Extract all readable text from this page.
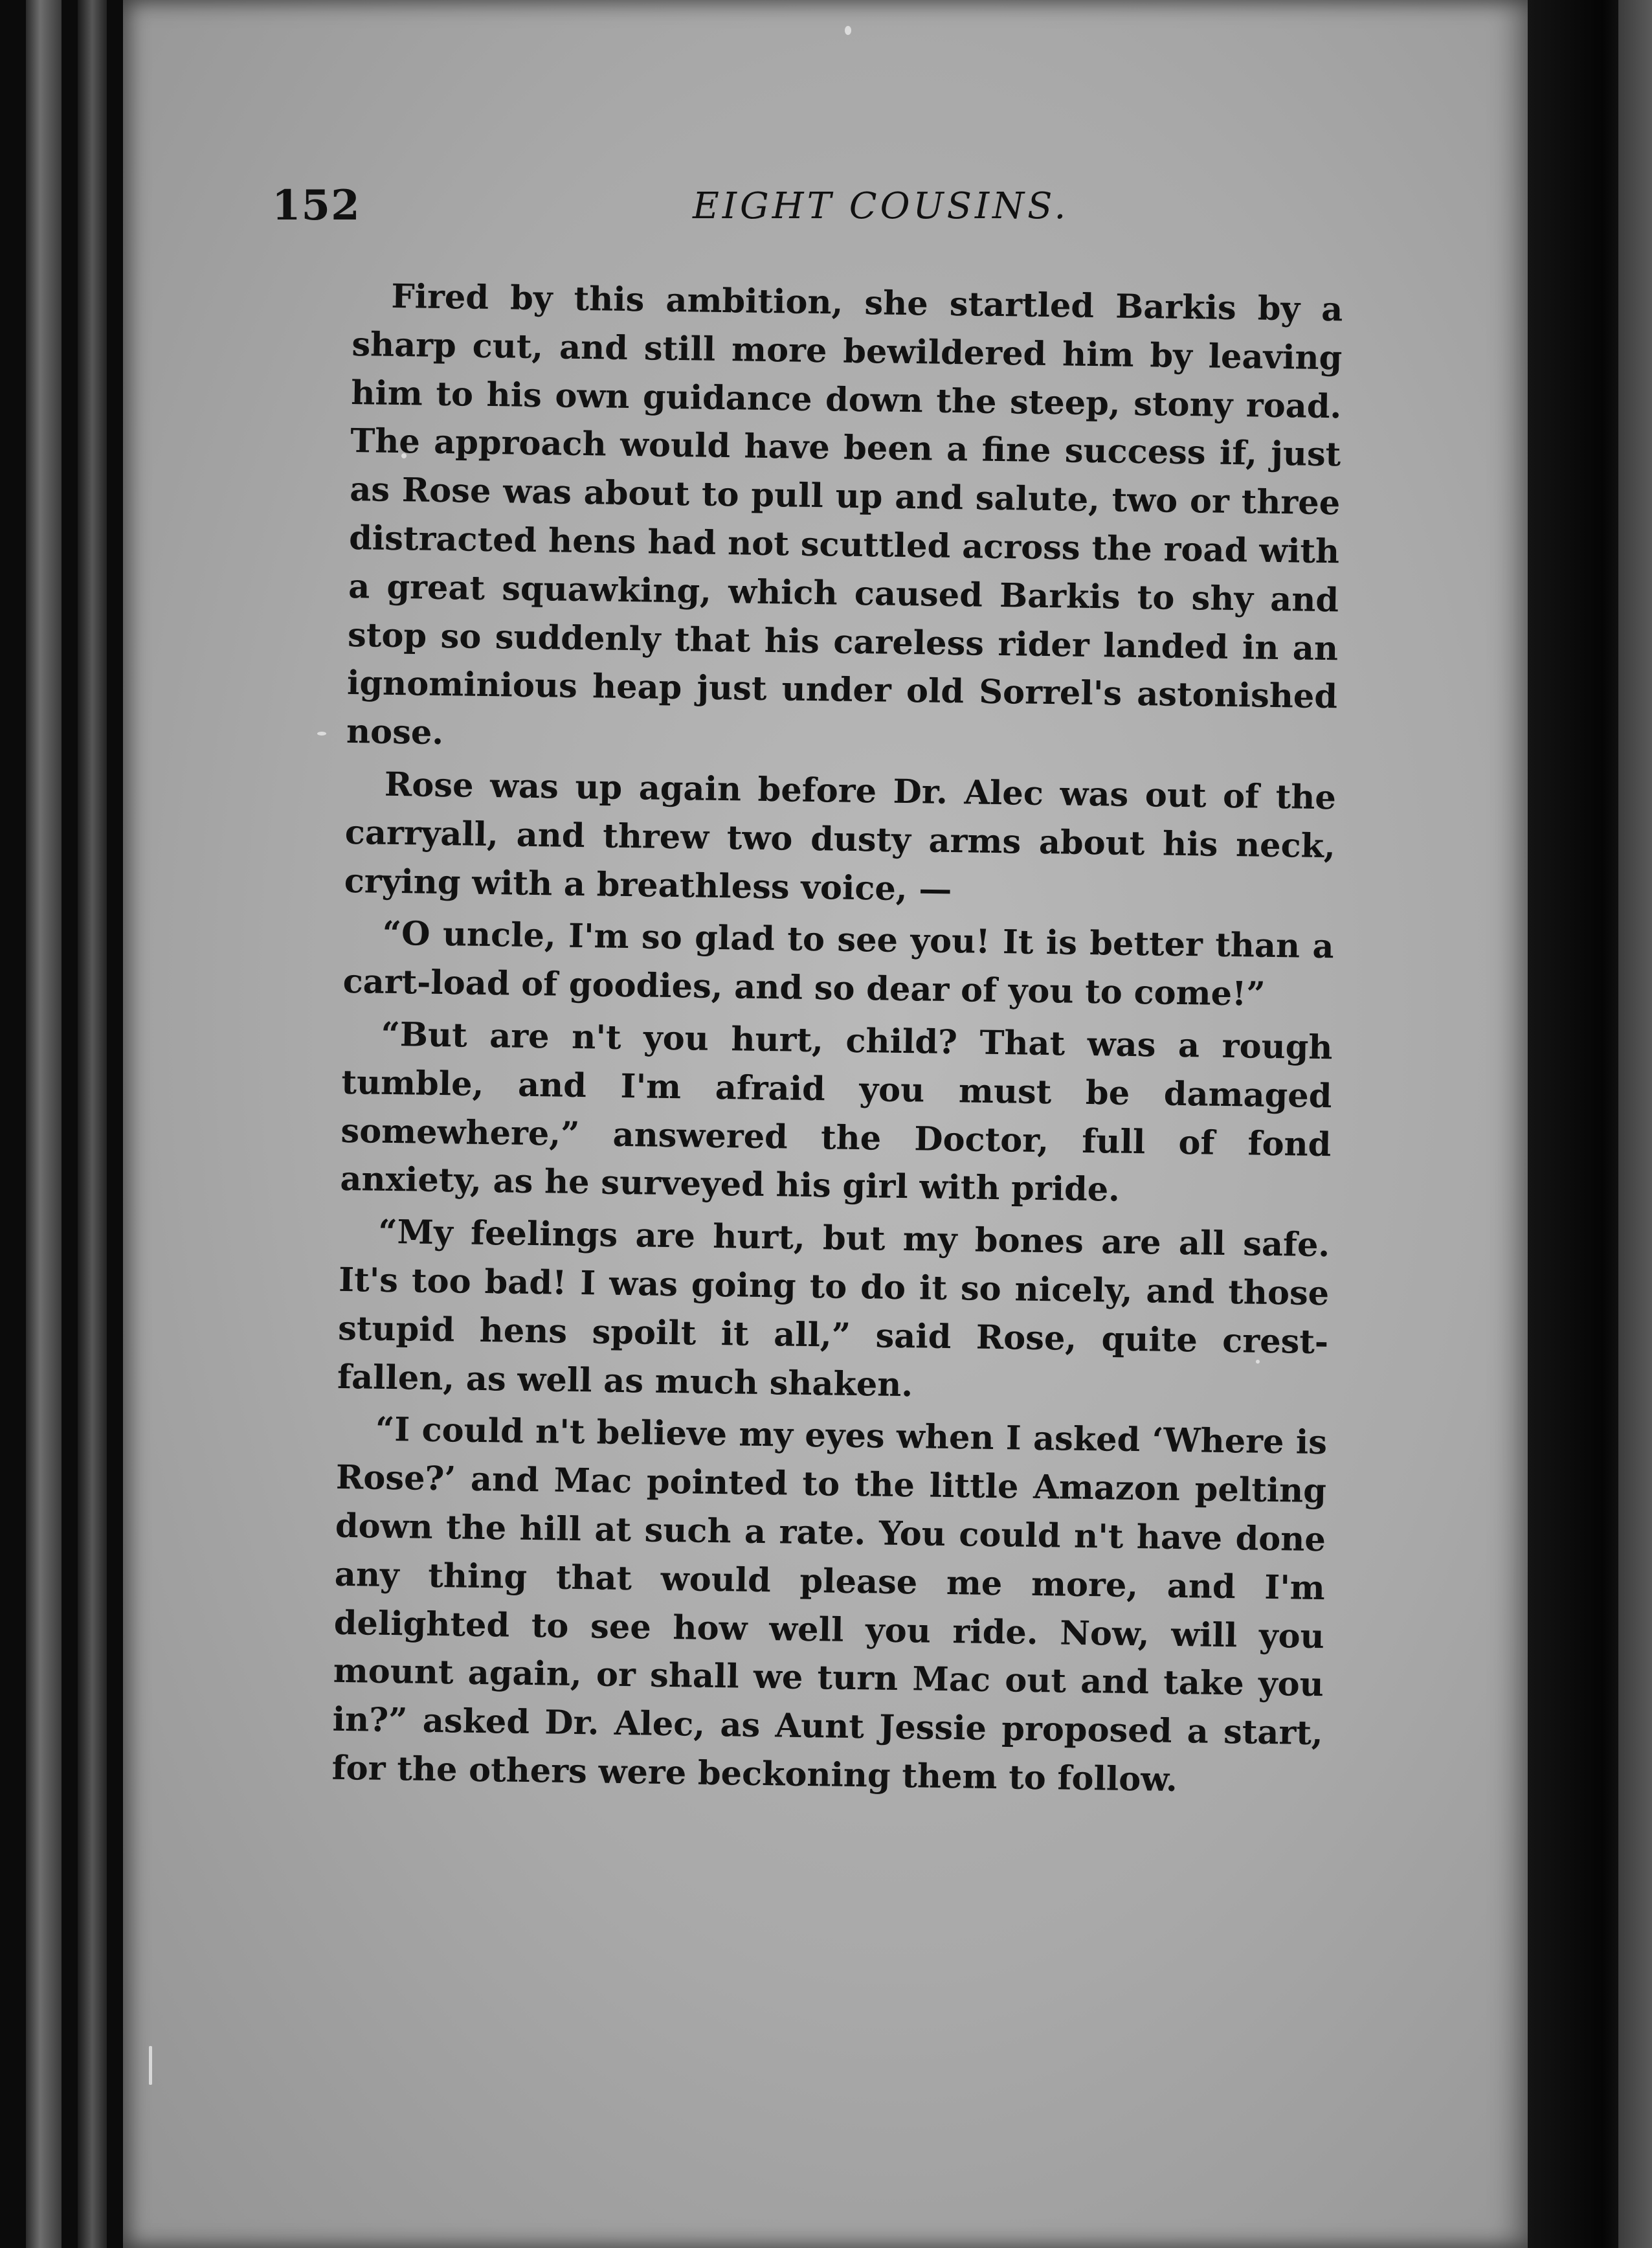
152	EIGHT COUSINS.

Fired by this ambition, she startled Barkis by a sharp cut, and still more bewildered him by leaving him to his own guidance down the steep, stony road. The approach would have been a fine success if, just as Rose was about to pull up and salute, two or three distracted hens had not scuttled across the road with a great squawking, which caused Barkis to shy and stop so suddenly that his careless rider landed in an ignominious heap just under old Sorrel's astonished nose.

Rose was up again before Dr. Alec was out of the carryall, and threw two dusty arms about his neck, crying with a breathless voice, —

“O uncle, I'm so glad to see you! It is better than a cart-load of goodies, and so dear of you to come!”

“But are n't you hurt, child? That was a rough tumble, and I'm afraid you must be damaged somewhere,” answered the Doctor, full of fond anxiety, as he surveyed his girl with pride.

“My feelings are hurt, but my bones are all safe. It's too bad! I was going to do it so nicely, and those stupid hens spoilt it all,” said Rose, quite crest-fallen, as well as much shaken.

“I could n't believe my eyes when I asked ‘Where is Rose?’ and Mac pointed to the little Amazon pelting down the hill at such a rate. You could n't have done any thing that would please me more, and I'm delighted to see how well you ride. Now, will you mount again, or shall we turn Mac out and take you in?” asked Dr. Alec, as Aunt Jessie proposed a start, for the others were beckoning them to follow.
